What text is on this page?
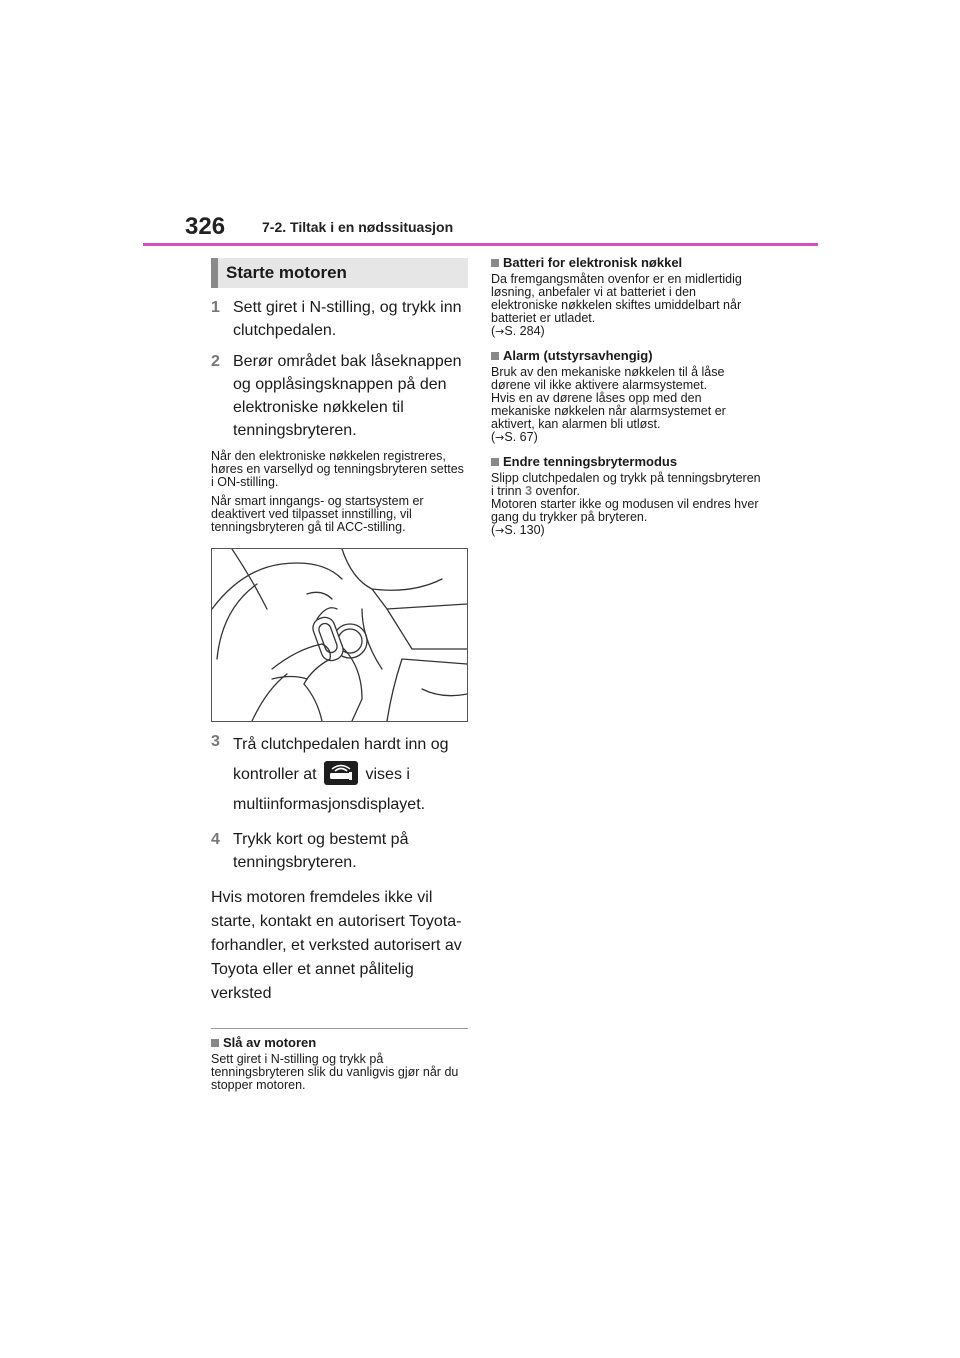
326	7-2. Tiltak i en nødssituasjon
Starte motoren
1 Sett giret i N-stilling, og trykk inn clutchpedalen.
2 Berør området bak låseknappen og opplåsingsknappen på den elektroniske nøkkelen til tenningsbryteren.
Når den elektroniske nøkkelen registreres, høres en varsellyd og tenningsbryteren settes i ON-stilling.
Når smart inngangs- og startsystem er deaktivert ved tilpasset innstilling, vil tenningsbryteren gå til ACC-stilling.
3 Trå clutchpedalen hardt inn og kontroller at	vises i multiinformasjonsdisplayet.
4 Trykk kort og bestemt på tenningsbryteren.
Hvis motoren fremdeles ikke vil starte, kontakt en autorisert Toyota-forhandler, et verksted autorisert av Toyota eller et annet pålitelig verksted
Slå av motoren
Sett giret i N-stilling og trykk på tenningsbryteren slik du vanligvis gjør når du stopper motoren.
Batteri for elektronisk nøkkel
Da fremgangsmåten ovenfor er en midlertidig løsning, anbefaler vi at batteriet i den elektroniske nøkkelen skiftes umiddelbart når batteriet er utladet.
(→S. 284)
Alarm (utstyrsavhengig)
Bruk av den mekaniske nøkkelen til å låse dørene vil ikke aktivere alarmsystemet.
Hvis en av dørene låses opp med den mekaniske nøkkelen når alarmsystemet er aktivert, kan alarmen bli utløst.
(→S. 67)
Endre tenningsbrytermodus
Slipp clutchpedalen og trykk på tenningsbryteren i trinn 3 ovenfor.
Motoren starter ikke og modusen vil endres hver gang du trykker på bryteren.
(→S. 130)
